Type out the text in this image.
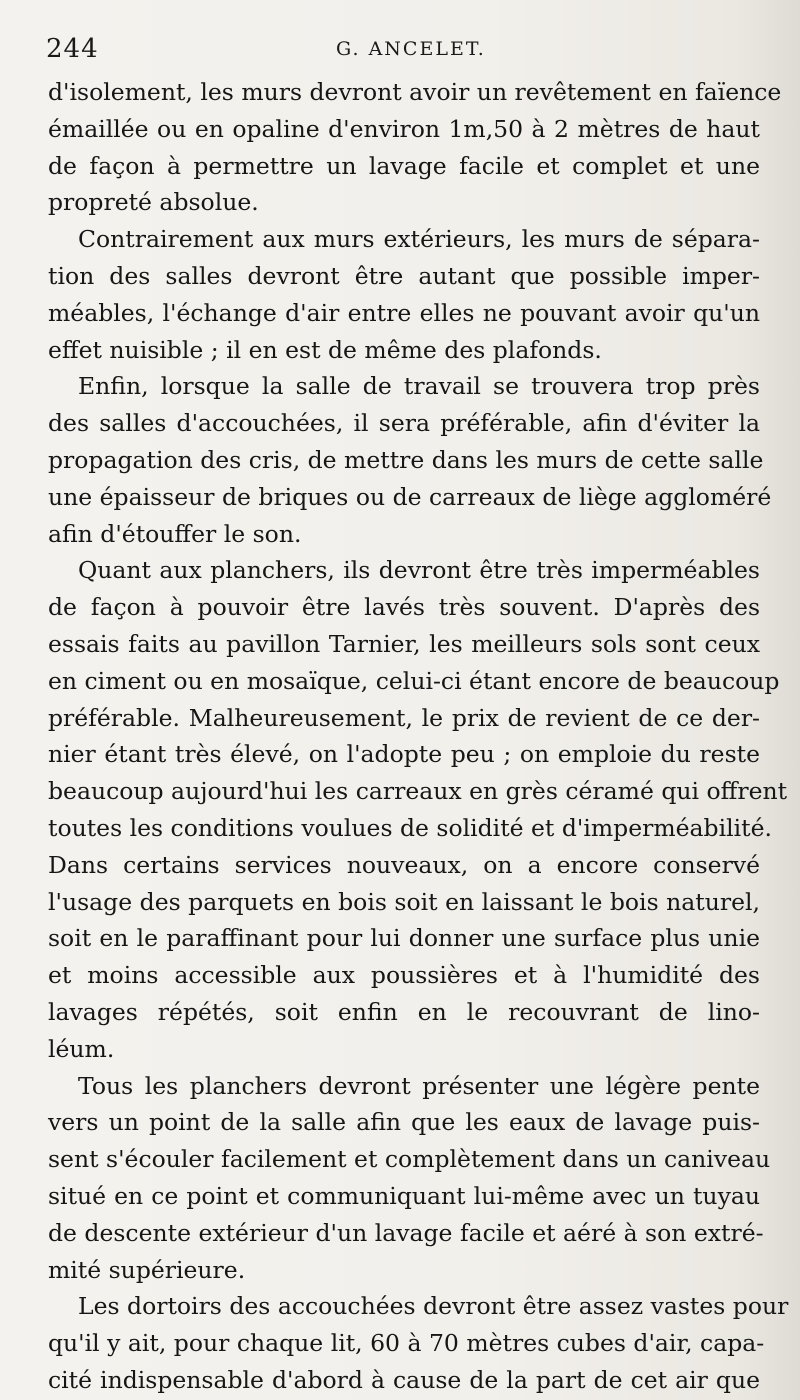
244	G. ANCELET.
d'isolement, les murs devront avoir un revêtement en faïence
émaillée ou en opaline d'environ 1m,50 à 2 mètres de haut
de façon à permettre un lavage facile et complet et une
propreté absolue.
Contrairement aux murs extérieurs, les murs de sépara-
tion des salles devront être autant que possible imper-
méables, l'échange d'air entre elles ne pouvant avoir qu'un
effet nuisible ; il en est de même des plafonds.
Enfin, lorsque la salle de travail se trouvera trop près
des salles d'accouchées, il sera préférable, afin d'éviter la
propagation des cris, de mettre dans les murs de cette salle
une épaisseur de briques ou de carreaux de liège aggloméré
afin d'étouffer le son.
Quant aux planchers, ils devront être très imperméables
de façon à pouvoir être lavés très souvent. D'après des
essais faits au pavillon Tarnier, les meilleurs sols sont ceux
en ciment ou en mosaïque, celui-ci étant encore de beaucoup
préférable. Malheureusement, le prix de revient de ce der-
nier étant très élevé, on l'adopte peu ; on emploie du reste
beaucoup aujourd'hui les carreaux en grès céramé qui offrent
toutes les conditions voulues de solidité et d'imperméabilité.
Dans certains services nouveaux, on a encore conservé
l'usage des parquets en bois soit en laissant le bois naturel,
soit en le paraffinant pour lui donner une surface plus unie
et moins accessible aux poussières et à l'humidité des
lavages répétés, soit enfin en le recouvrant de lino-
léum.
Tous les planchers devront présenter une légère pente
vers un point de la salle afin que les eaux de lavage puis-
sent s'écouler facilement et complètement dans un caniveau
situé en ce point et communiquant lui-même avec un tuyau
de descente extérieur d'un lavage facile et aéré à son extré-
mité supérieure.
Les dortoirs des accouchées devront être assez vastes pour
qu'il y ait, pour chaque lit, 60 à 70 mètres cubes d'air, capa-
cité indispensable d'abord à cause de la part de cet air que
